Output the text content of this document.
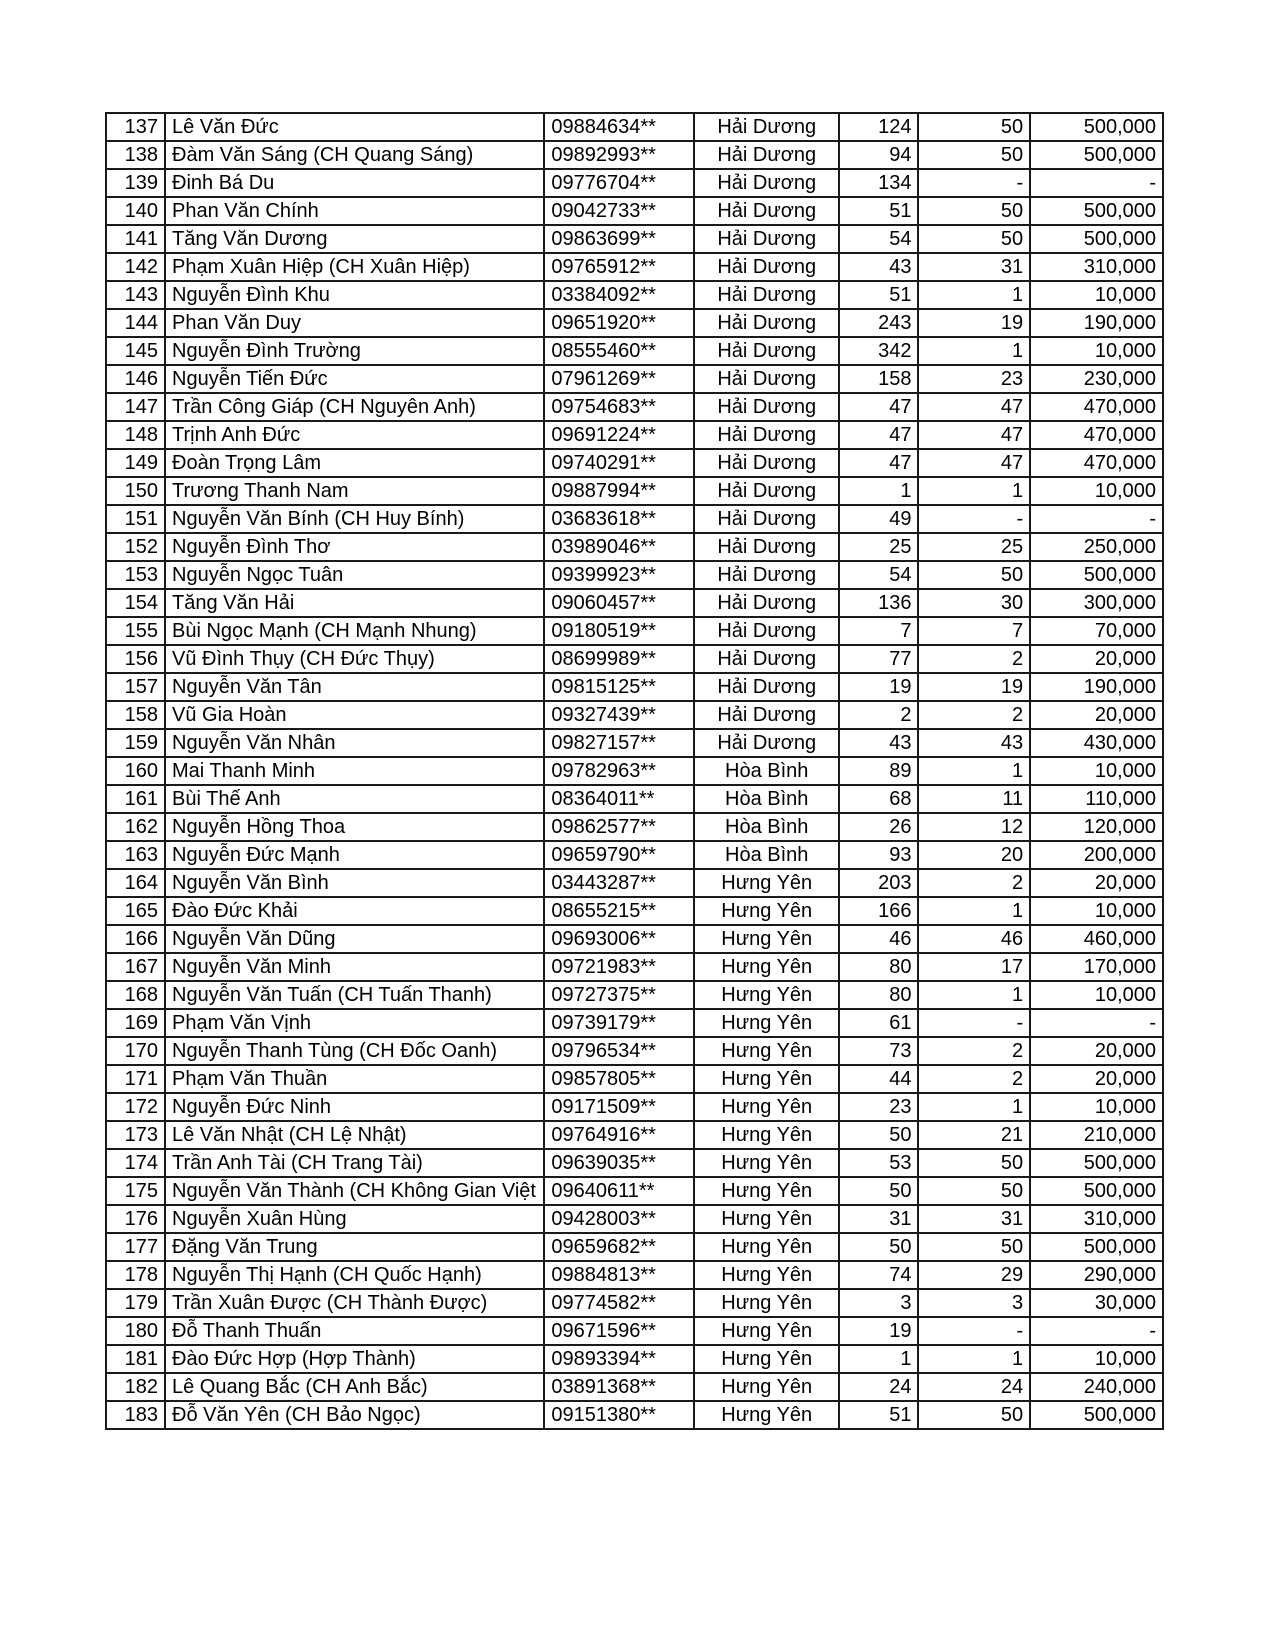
137	Lê Văn Đức	09884634**	Hải Dương	124	50	500,000
138	Đàm Văn Sáng (CH Quang Sáng)	09892993**	Hải Dương	94	50	500,000
139	Đinh Bá Du	09776704**	Hải Dương	134	-	-
140	Phan Văn Chính	09042733**	Hải Dương	51	50	500,000
141	Tăng Văn Dương	09863699**	Hải Dương	54	50	500,000
142	Phạm Xuân Hiệp (CH Xuân Hiệp)	09765912**	Hải Dương	43	31	310,000
143	Nguyễn Đình Khu	03384092**	Hải Dương	51	1	10,000
144	Phan Văn Duy	09651920**	Hải Dương	243	19	190,000
145	Nguyễn Đình Trường	08555460**	Hải Dương	342	1	10,000
146	Nguyễn Tiến Đức	07961269**	Hải Dương	158	23	230,000
147	Trần Công Giáp (CH Nguyên Anh)	09754683**	Hải Dương	47	47	470,000
148	Trịnh Anh Đức	09691224**	Hải Dương	47	47	470,000
149	Đoàn Trọng Lâm	09740291**	Hải Dương	47	47	470,000
150	Trương Thanh Nam	09887994**	Hải Dương	1	1	10,000
151	Nguyễn Văn Bính (CH Huy Bính)	03683618**	Hải Dương	49	-	-
152	Nguyễn Đình Thơ	03989046**	Hải Dương	25	25	250,000
153	Nguyễn Ngọc Tuân	09399923**	Hải Dương	54	50	500,000
154	Tăng Văn Hải	09060457**	Hải Dương	136	30	300,000
155	Bùi Ngọc Mạnh (CH Mạnh Nhung)	09180519**	Hải Dương	7	7	70,000
156	Vũ Đình Thụy (CH Đức Thụy)	08699989**	Hải Dương	77	2	20,000
157	Nguyễn Văn Tân	09815125**	Hải Dương	19	19	190,000
158	Vũ Gia Hoàn	09327439**	Hải Dương	2	2	20,000
159	Nguyễn Văn Nhân	09827157**	Hải Dương	43	43	430,000
160	Mai Thanh Minh	09782963**	Hòa Bình	89	1	10,000
161	Bùi Thế Anh	08364011**	Hòa Bình	68	11	110,000
162	Nguyễn Hồng Thoa	09862577**	Hòa Bình	26	12	120,000
163	Nguyễn Đức Mạnh	09659790**	Hòa Bình	93	20	200,000
164	Nguyễn Văn Bình	03443287**	Hưng Yên	203	2	20,000
165	Đào Đức Khải	08655215**	Hưng Yên	166	1	10,000
166	Nguyễn Văn Dũng	09693006**	Hưng Yên	46	46	460,000
167	Nguyễn Văn Minh	09721983**	Hưng Yên	80	17	170,000
168	Nguyễn Văn Tuấn (CH Tuấn Thanh)	09727375**	Hưng Yên	80	1	10,000
169	Phạm Văn Vịnh	09739179**	Hưng Yên	61	-	-
170	Nguyễn Thanh Tùng (CH Đốc Oanh)	09796534**	Hưng Yên	73	2	20,000
171	Phạm Văn Thuần	09857805**	Hưng Yên	44	2	20,000
172	Nguyễn Đức Ninh	09171509**	Hưng Yên	23	1	10,000
173	Lê Văn Nhật (CH Lệ Nhật)	09764916**	Hưng Yên	50	21	210,000
174	Trần Anh Tài (CH Trang Tài)	09639035**	Hưng Yên	53	50	500,000
175	Nguyễn Văn Thành (CH Không Gian Việt	09640611**	Hưng Yên	50	50	500,000
176	Nguyễn Xuân Hùng	09428003**	Hưng Yên	31	31	310,000
177	Đặng Văn Trung	09659682**	Hưng Yên	50	50	500,000
178	Nguyễn Thị Hạnh (CH Quốc Hạnh)	09884813**	Hưng Yên	74	29	290,000
179	Trần Xuân Được (CH Thành Được)	09774582**	Hưng Yên	3	3	30,000
180	Đỗ Thanh Thuấn	09671596**	Hưng Yên	19	-	-
181	Đào Đức Hợp (Hợp Thành)	09893394**	Hưng Yên	1	1	10,000
182	Lê Quang Bắc (CH Anh Bắc)	03891368**	Hưng Yên	24	24	240,000
183	Đỗ Văn Yên (CH Bảo Ngọc)	09151380**	Hưng Yên	51	50	500,000
